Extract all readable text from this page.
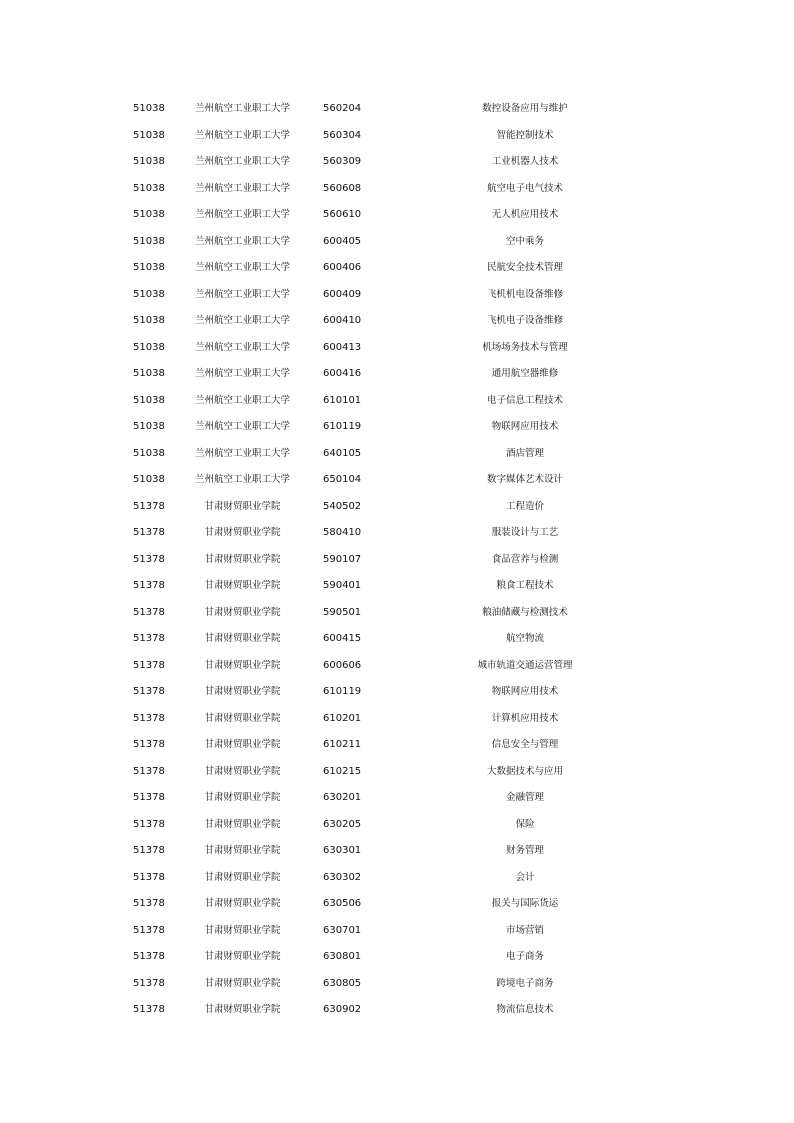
51038	兰州航空工业职工大学	560204	数控设备应用与维护
51038	兰州航空工业职工大学	560304	智能控制技术
51038	兰州航空工业职工大学	560309	工业机器人技术
51038	兰州航空工业职工大学	560608	航空电子电气技术
51038	兰州航空工业职工大学	560610	无人机应用技术
51038	兰州航空工业职工大学	600405	空中乘务
51038	兰州航空工业职工大学	600406	民航安全技术管理
51038	兰州航空工业职工大学	600409	飞机机电设备维修
51038	兰州航空工业职工大学	600410	飞机电子设备维修
51038	兰州航空工业职工大学	600413	机场场务技术与管理
51038	兰州航空工业职工大学	600416	通用航空器维修
51038	兰州航空工业职工大学	610101	电子信息工程技术
51038	兰州航空工业职工大学	610119	物联网应用技术
51038	兰州航空工业职工大学	640105	酒店管理
51038	兰州航空工业职工大学	650104	数字媒体艺术设计
51378	甘肃财贸职业学院	540502	工程造价
51378	甘肃财贸职业学院	580410	服装设计与工艺
51378	甘肃财贸职业学院	590107	食品营养与检测
51378	甘肃财贸职业学院	590401	粮食工程技术
51378	甘肃财贸职业学院	590501	粮油储藏与检测技术
51378	甘肃财贸职业学院	600415	航空物流
51378	甘肃财贸职业学院	600606	城市轨道交通运营管理
51378	甘肃财贸职业学院	610119	物联网应用技术
51378	甘肃财贸职业学院	610201	计算机应用技术
51378	甘肃财贸职业学院	610211	信息安全与管理
51378	甘肃财贸职业学院	610215	大数据技术与应用
51378	甘肃财贸职业学院	630201	金融管理
51378	甘肃财贸职业学院	630205	保险
51378	甘肃财贸职业学院	630301	财务管理
51378	甘肃财贸职业学院	630302	会计
51378	甘肃财贸职业学院	630506	报关与国际货运
51378	甘肃财贸职业学院	630701	市场营销
51378	甘肃财贸职业学院	630801	电子商务
51378	甘肃财贸职业学院	630805	跨境电子商务
51378	甘肃财贸职业学院	630902	物流信息技术
